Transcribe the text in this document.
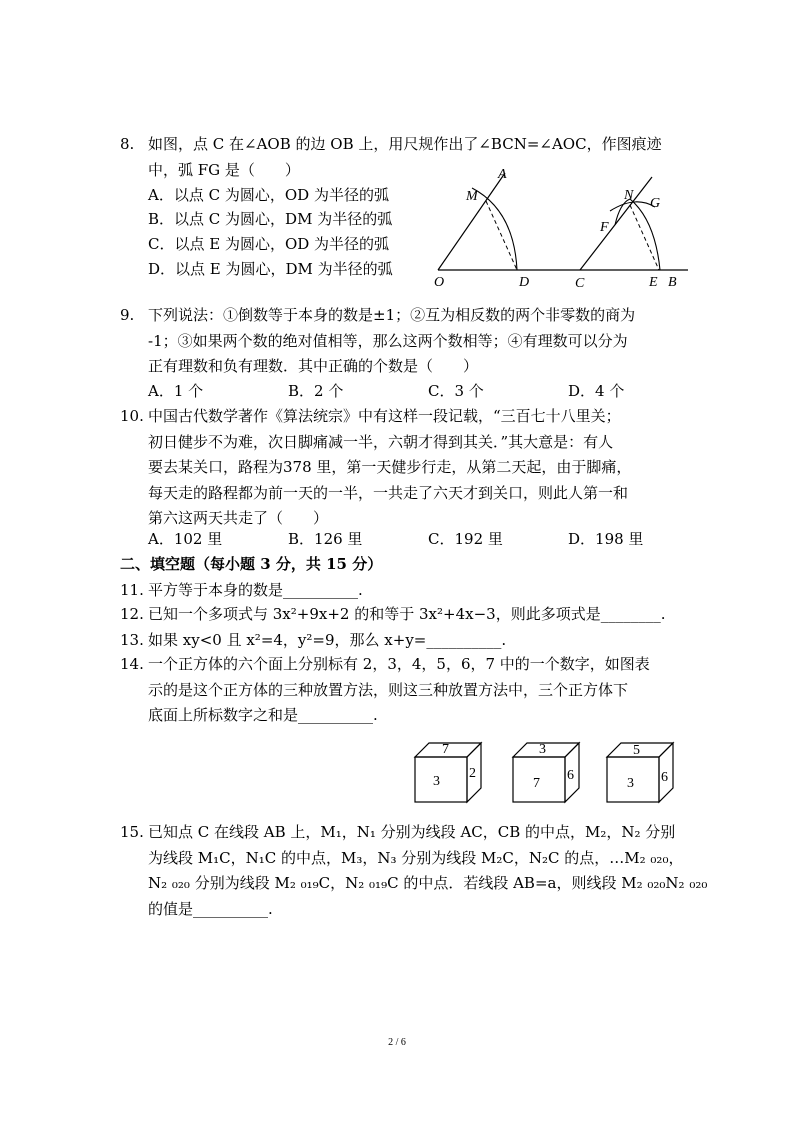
8. 如图，点 C 在∠AOB 的边 OB 上，用尺规作出了∠BCN=∠AOC，作图痕迹
中，弧 FG 是（　　）
A．以点 C 为圆心，OD 为半径的弧
B．以点 C 为圆心，DM 为半径的弧
C．以点 E 为圆心，OD 为半径的弧
D．以点 E 为圆心，DM 为半径的弧
A
M
O	D	C
F
N
G
E B
9. 下列说法：①倒数等于本身的数是±1；②互为相反数的两个非零数的商为
-1；③如果两个数的绝对值相等，那么这两个数相等；④有理数可以分为
正有理数和负有理数．其中正确的个数是（　　）
A．1 个	B．2 个	C．3 个	D．4 个
10. 中国古代数学著作《算法统宗》中有这样一段记载，“三百七十八里关；
初日健步不为难，次日脚痛减一半，六朝才得到其关．”其大意是：有人
要去某关口，路程为378 里，第一天健步行走，从第二天起，由于脚痛，
每天走的路程都为前一天的一半，一共走了六天才到关口，则此人第一和
第六这两天共走了（　　）
A．102 里	B．126 里	C．192 里	D．198 里
二、填空题（每小题 3 分，共 15 分）
11. 平方等于本身的数是__________.
12. 已知一个多项式与 3x²+9x+2 的和等于 3x²+4x−3，则此多项式是________.
13. 如果 xy<0 且 x²=4，y²=9，那么 x+y=__________.
14. 一个正方体的六个面上分别标有 2，3，4，5，6，7 中的一个数字，如图表
示的是这个正方体的三种放置方法，则这三种放置方法中，三个正方体下
底面上所标数字之和是__________.
7
3
2
3
7
6
5
3 6
15. 已知点 C 在线段 AB 上，M₁，N₁ 分别为线段 AC，CB 的中点，M₂，N₂ 分别
为线段 M₁C，N₁C 的中点，M₃，N₃ 分别为线段 M₂C，N₂C 的点，…M₂ ₀₂₀，
N₂ ₀₂₀ 分别为线段 M₂ ₀₁₉C，N₂ ₀₁₉C 的中点．若线段 AB=a，则线段 M₂ ₀₂₀N₂ ₀₂₀
的值是__________.
2 / 6
